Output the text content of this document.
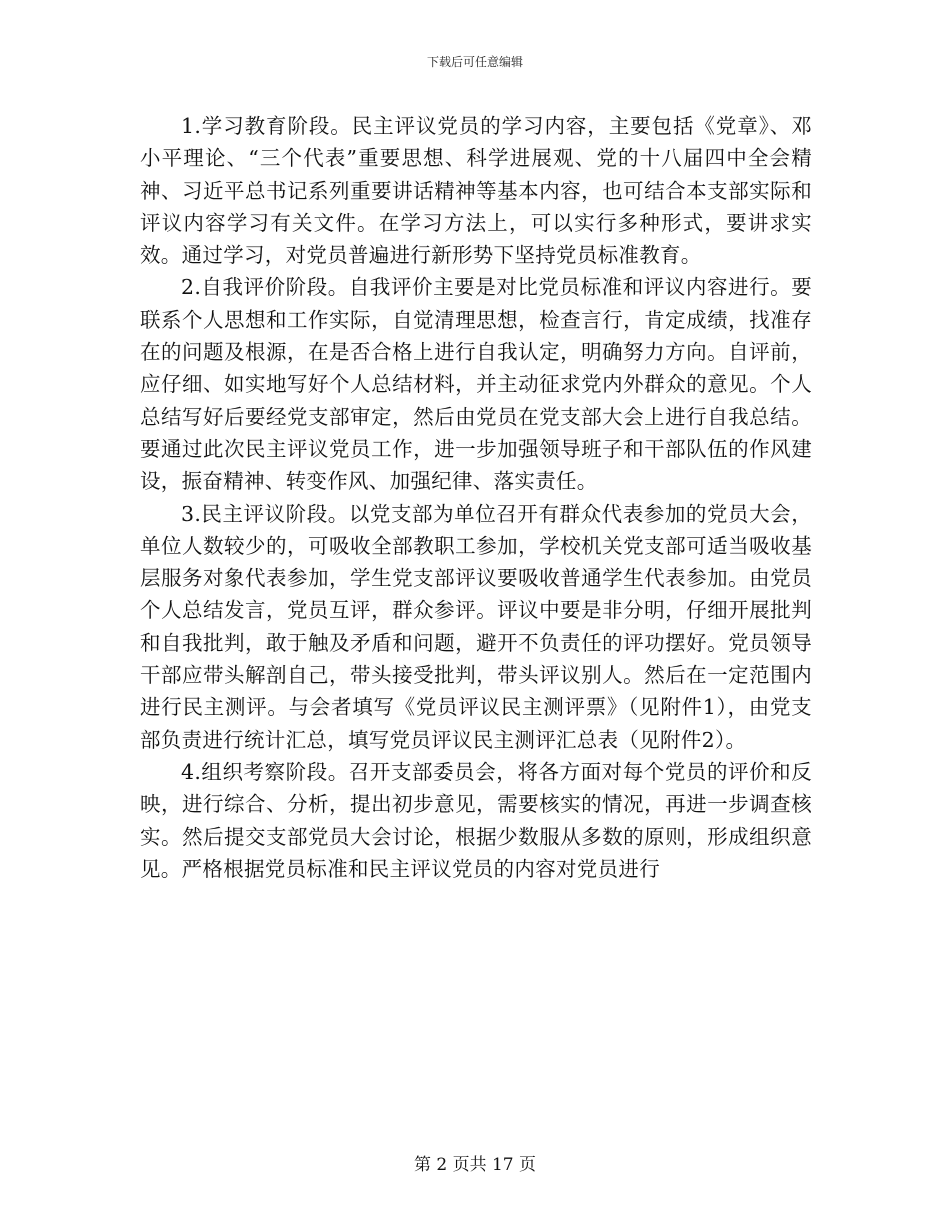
下载后可任意编辑

1.学习教育阶段。民主评议党员的学习内容，主要包括《党章》、邓小平理论、“三个代表”重要思想、科学进展观、党的十八届四中全会精神、习近平总书记系列重要讲话精神等基本内容，也可结合本支部实际和评议内容学习有关文件。在学习方法上，可以实行多种形式，要讲求实效。通过学习，对党员普遍进行新形势下坚持党员标准教育。

2.自我评价阶段。自我评价主要是对比党员标准和评议内容进行。要联系个人思想和工作实际，自觉清理思想，检查言行，肯定成绩，找准存在的问题及根源，在是否合格上进行自我认定，明确努力方向。自评前，应仔细、如实地写好个人总结材料，并主动征求党内外群众的意见。个人总结写好后要经党支部审定，然后由党员在党支部大会上进行自我总结。要通过此次民主评议党员工作，进一步加强领导班子和干部队伍的作风建设，振奋精神、转变作风、加强纪律、落实责任。

3.民主评议阶段。以党支部为单位召开有群众代表参加的党员大会，单位人数较少的，可吸收全部教职工参加，学校机关党支部可适当吸收基层服务对象代表参加，学生党支部评议要吸收普通学生代表参加。由党员个人总结发言，党员互评，群众参评。评议中要是非分明，仔细开展批判和自我批判，敢于触及矛盾和问题，避开不负责任的评功摆好。党员领导干部应带头解剖自己，带头接受批判，带头评议别人。然后在一定范围内进行民主测评。与会者填写《党员评议民主测评票》（见附件1），由党支部负责进行统计汇总，填写党员评议民主测评汇总表（见附件2）。

4.组织考察阶段。召开支部委员会，将各方面对每个党员的评价和反映，进行综合、分析，提出初步意见，需要核实的情况，再进一步调查核实。然后提交支部党员大会讨论，根据少数服从多数的原则，形成组织意见。严格根据党员标准和民主评议党员的内容对党员进行

第 2 页共 17 页
